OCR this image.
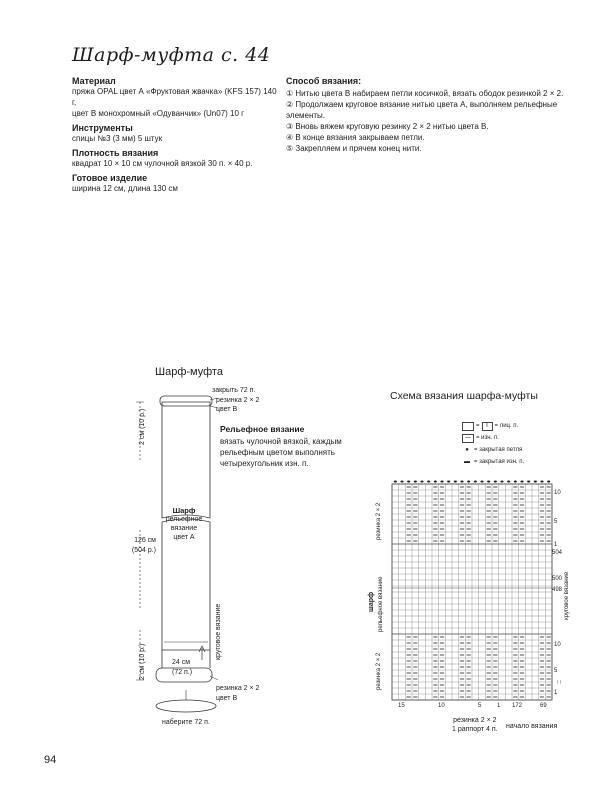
Шарф-муфта с. 44
Материал
пряжа OPAL цвет А «Фруктовая жвачка» (KFS 157) 140 г,
цвет В монохромный «Одуванчик» (Un07) 10 г
Инструменты
спицы №3 (3 мм) 5 штук
Плотность вязания
квадрат 10 × 10 см чулочной вязкой 30 п. × 40 р.
Готовое изделие
ширина 12 см, длина 130 см
Способ вязания:
① Нитью цвета В набираем петли косичкой, вязать ободок резинкой 2 × 2.
② Продолжаем круговое вязание нитью цвета А, выполняем рельефные элементы.
③ Вновь вяжем круговую резинку 2 × 2 нитью цвета В.
④ В конце вязания закрываем петли.
⑤ Закрепляем и прячем конец нити.
Шарф-муфта
закрыть 72 п.
резинка 2 × 2
цвет В
Рельефное вязание
вязать чулочной вязкой, каждым
рельефным цветом выполнять
четырехугольник изн. п.
2 см (10 р.)
Шарф
рельефное
вязание
цвет А
126 см
(504 р.)
круговое вязание
2 см (10 р.)	24 см
(72 п.)
резинка 2 × 2
цвет В
наберите 72 п.
Схема вязания шарфа-муфты
=	I	= лиц. п.
— = изн. п.
● = закрытая петля
▬ = закрытая изн. п.
резинка 2 × 2
шарф рельефное вязание
резинка 2 × 2
10
5
1
504
500
498
10
5
1
круговое вязание
↑↑
15	10	5	1 172	69
резинка 2 × 2
1 раппорт 4 п. начало вязания
94
